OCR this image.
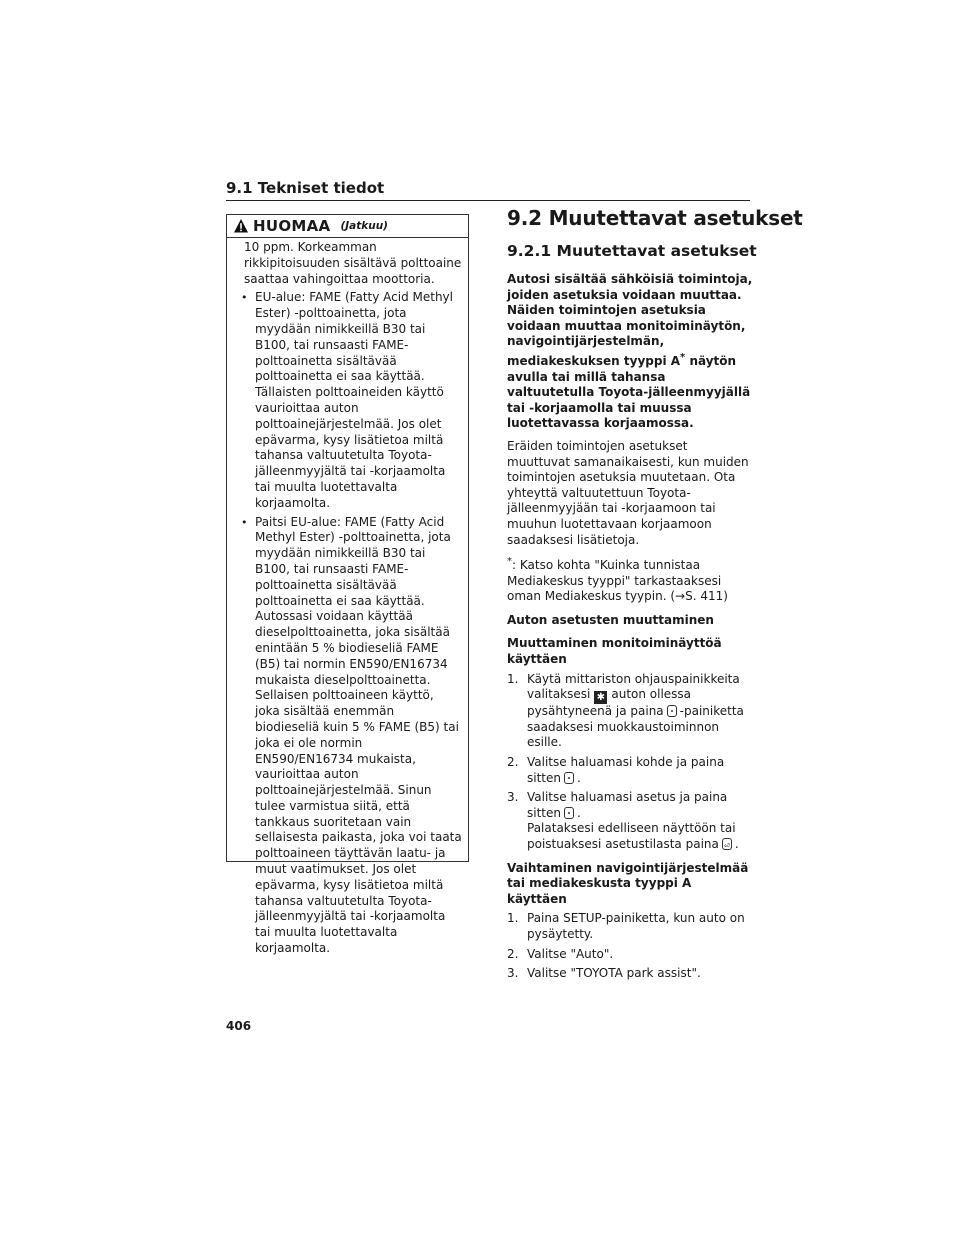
9.1 Tekniset tiedot
HUOMAA (Jatkuu)

10 ppm. Korkeamman rikkipitoisuuden sisältävä polttoaine saattaa vahingoittaa moottoria.

• EU-alue: FAME (Fatty Acid Methyl Ester) -polttoainetta, jota myydään nimikkeillä B30 tai B100, tai runsaasti FAME-polttoainetta sisältävää polttoainetta ei saa käyttää. Tällaisten polttoaineiden käyttö vaurioittaa auton polttoainejärjestelmää. Jos olet epävarma, kysy lisätietoa miltä tahansa valtuutetulta Toyota-jälleenmyyjältä tai -korjaamolta tai muulta luotettavalta korjaamolta.

• Paitsi EU-alue: FAME (Fatty Acid Methyl Ester) -polttoainetta, jota myydään nimikkeillä B30 tai B100, tai runsaasti FAME-polttoainetta sisältävää polttoainetta ei saa käyttää. Autossasi voidaan käyttää dieselpolttoainetta, joka sisältää enintään 5 % biodieseliä FAME (B5) tai normin EN590/EN16734 mukaista dieselpolttoainetta. Sellaisen polttoaineen käyttö, joka sisältää enemmän biodieseliä kuin 5 % FAME (B5) tai joka ei ole normin EN590/EN16734 mukaista, vaurioittaa auton polttoainejärjestelmää. Sinun tulee varmistua siitä, että tankkaus suoritetaan vain sellaisesta paikasta, joka voi taata polttoaineen täyttävän laatu- ja muut vaatimukset. Jos olet epävarma, kysy lisätietoa miltä tahansa valtuutetulta Toyota-jälleenmyyjältä tai -korjaamolta tai muulta luotettavalta korjaamolta.

9.2 Muutettavat asetukset
9.2.1 Muutettavat asetukset

Autosi sisältää sähköisiä toimintoja, joiden asetuksia voidaan muuttaa. Näiden toimintojen asetuksia voidaan muuttaa monitoiminäytön, navigointijärjestelmän, mediakeskuksen tyyppi A* näytön avulla tai millä tahansa valtuutetulla Toyota-jälleenmyyjällä tai -korjaamolla tai muussa luotettavassa korjaamossa.

Eräiden toimintojen asetukset muuttuvat samanaikaisesti, kun muiden toimintojen asetuksia muutetaan. Ota yhteyttä valtuutettuun Toyota-jälleenmyyjään tai -korjaamoon tai muuhun luotettavaan korjaamoon saadaksesi lisätietoja.

*: Katso kohta "Kuinka tunnistaa Mediakeskus tyyppi" tarkastaaksesi oman Mediakeskus tyypin. (→S. 411)

Auton asetusten muuttaminen

Muuttaminen monitoiminäyttöä käyttäen

1. Käytä mittariston ohjauspainikkeita valitaksesi ✱ auton ollessa pysähtyneenä ja paina -painiketta saadaksesi muokkaustoiminnon esille.
2. Valitse haluamasi kohde ja paina sitten .
3. Valitse haluamasi asetus ja paina sitten .
Palataksesi edelliseen näyttöön tai poistuaksesi asetustilasta paina⏎ .

Vaihtaminen navigointijärjestelmää tai mediakeskusta tyyppi A käyttäen

1. Paina SETUP-painiketta, kun auto on pysäytetty.
2. Valitse "Auto".
3. Valitse "TOYOTA park assist".
406
